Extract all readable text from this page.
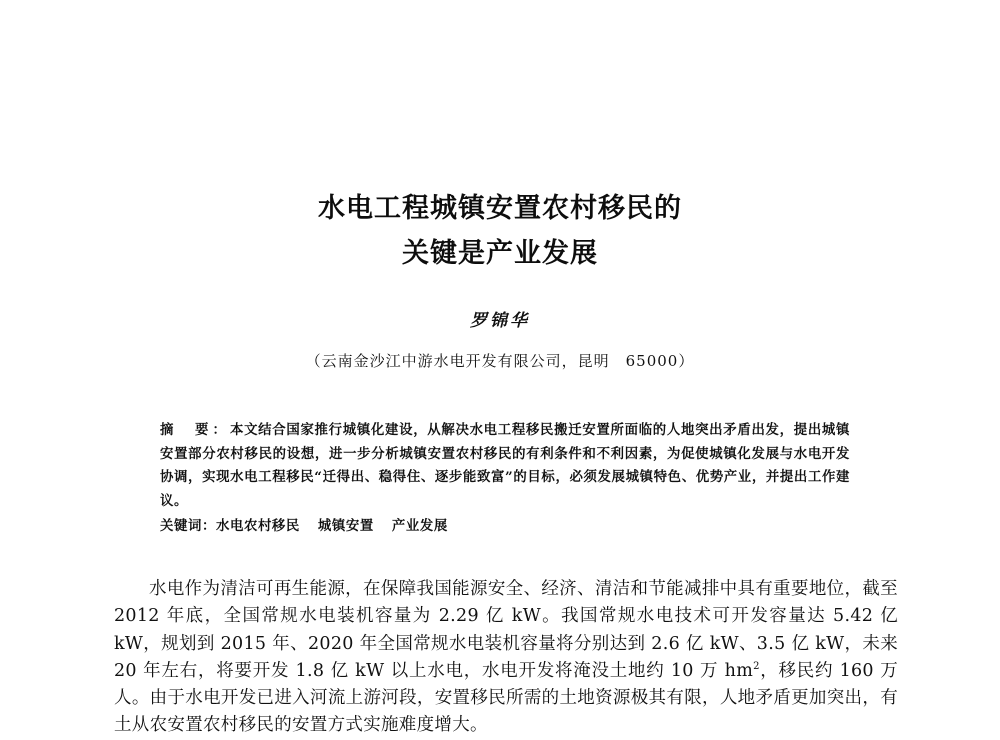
水电工程城镇安置农村移民的
关键是产业发展
罗锦华
（云南金沙江中游水电开发有限公司，昆明　65000）
摘　要：本文结合国家推行城镇化建设，从解决水电工程移民搬迁安置所面临的人地突出矛盾出发，提出城镇安置部分农村移民的设想，进一步分析城镇安置农村移民的有利条件和不利因素，为促使城镇化发展与水电开发协调，实现水电工程移民“迁得出、稳得住、逐步能致富”的目标，必须发展城镇特色、优势产业，并提出工作建议。
关键词：水电农村移民 城镇安置 产业发展
水电作为清洁可再生能源，在保障我国能源安全、经济、清洁和节能减排中具有重要地位，截至 2012 年底，全国常规水电装机容量为 2.29 亿 kW。我国常规水电技术可开发容量达 5.42 亿 kW，规划到 2015 年、2020 年全国常规水电装机容量将分别达到 2.6 亿 kW、3.5 亿 kW，未来 20 年左右，将要开发 1.8 亿 kW 以上水电，水电开发将淹没土地约 10 万 $hm^2$，移民约 160 万人。由于水电开发已进入河流上游河段，安置移民所需的土地资源极其有限，人地矛盾更加突出，有土从农安置农村移民的安置方式实施难度增大。
